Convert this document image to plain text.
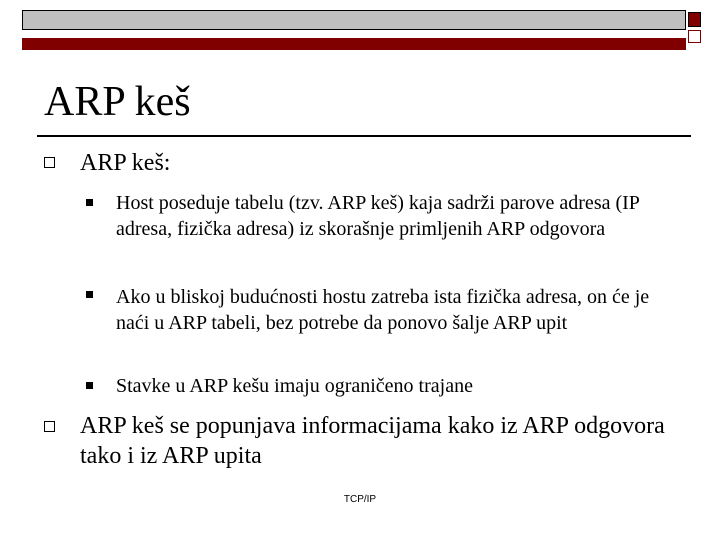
ARP keš
ARP keš:
Host poseduje tabelu (tzv. ARP keš) kaja sadrži parove adresa (IP adresa, fizička adresa) iz skorašnje primljenih ARP odgovora
Ako u bliskoj budućnosti hostu zatreba ista fizička adresa, on će je naći u ARP tabeli, bez potrebe da ponovo šalje ARP upit
Stavke u ARP kešu imaju ograničeno trajane
ARP keš se popunjava informacijama kako iz ARP odgovora tako i iz ARP upita
TCP/IP
